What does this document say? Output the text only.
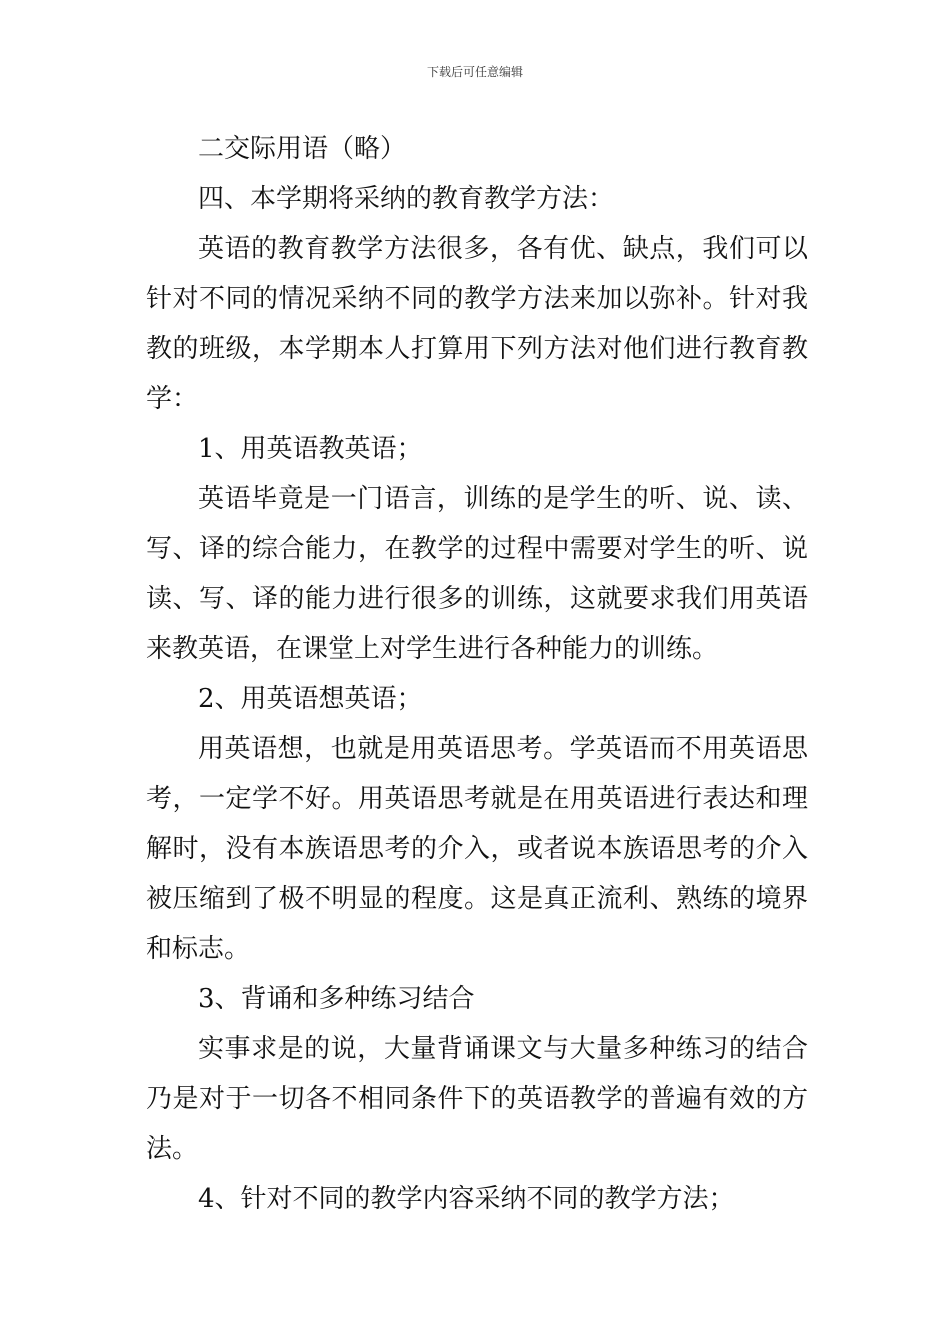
下载后可任意编辑

二交际用语（略）

四、本学期将采纳的教育教学方法：

英语的教育教学方法很多，各有优、缺点，我们可以针对不同的情况采纳不同的教学方法来加以弥补。针对我教的班级，本学期本人打算用下列方法对他们进行教育教学：

1、用英语教英语；

英语毕竟是一门语言，训练的是学生的听、说、读、写、译的综合能力，在教学的过程中需要对学生的听、说读、写、译的能力进行很多的训练，这就要求我们用英语来教英语，在课堂上对学生进行各种能力的训练。

2、用英语想英语；

用英语想，也就是用英语思考。学英语而不用英语思考，一定学不好。用英语思考就是在用英语进行表达和理解时，没有本族语思考的介入，或者说本族语思考的介入被压缩到了极不明显的程度。这是真正流利、熟练的境界和标志。

3、背诵和多种练习结合

实事求是的说，大量背诵课文与大量多种练习的结合乃是对于一切各不相同条件下的英语教学的普遍有效的方法。

4、针对不同的教学内容采纳不同的教学方法；
